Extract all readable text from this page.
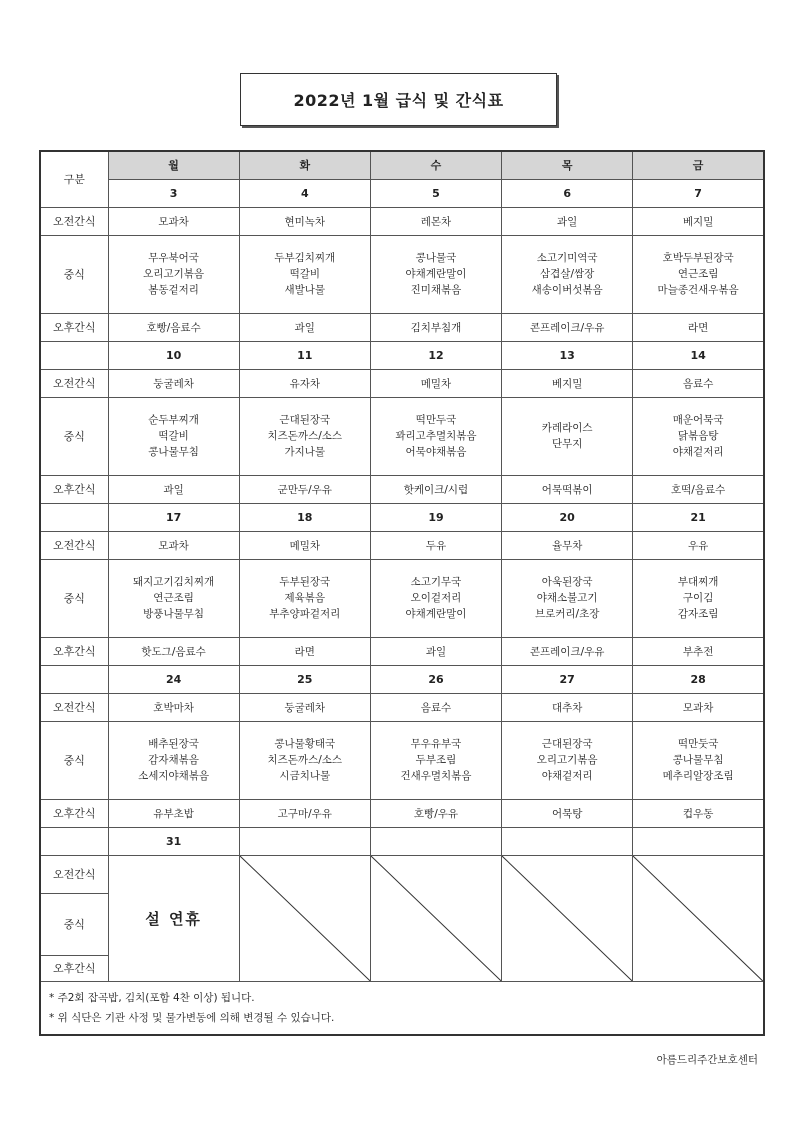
2022년 1월 급식 및 간식표
구분	월	화	수	목	금
	3	4	5	6	7
오전간식	모과차	현미녹차	레몬차	과일	베지밀
중식	무우북어국
오리고기볶음
봄동겉저리	두부김치찌개
떡갈비
새발나물	콩나물국
야채계란말이
진미채볶음	소고기미역국
삼겹살/쌈장
새송이버섯볶음	호박두부된장국
연근조림
마늘종건새우볶음

오후간식	호빵/음료수	과일	김치부침개	콘프레이크/우유	라면
	10	11	12	13	14
오전간식	둥굴레차	유자차	메밀차	베지밀	음료수
중식	순두부찌개
떡갈비
콩나물무침	근대된장국
치즈돈까스/소스
가지나물	떡만두국
꽈리고추멸치볶음
어묵야채볶음	카레라이스
단무지	매운어묵국
닭볶음탕
야채겉저리

오후간식	과일	군만두/우유	핫케이크/시럽	어묵떡볶이	호떡/음료수
	17	18	19	20	21
오전간식	모과차	메밀차	두유	율무차	우유
중식	돼지고기김치찌개
연근조림
방풍나물무침	두부된장국
제육볶음
부추양파겉저리	소고기무국
오이겉저리
야채계란말이	아욱된장국
야채소불고기
브로커리/초장	부대찌개
구이김
감자조림

오후간식	핫도그/음료수	라면	과일	콘프레이크/우유	부추전
	24	25	26	27	28
오전간식	호박마차	둥굴레차	음료수	대추차	모과차
중식	배추된장국
감자채볶음
소세지야채볶음	콩나물황태국
치즈돈까스/소스
시금치나물	무우유부국
두부조림
건새우멸치볶음	근대된장국
오리고기볶음
야채겉저리	떡만둣국
콩나물무침
메추리알장조림

오후간식	유부초밥	고구마/우유	호빵/우유	어묵탕	컵우동
	31				
오전간식	설 연휴	

중식					
오후간식					

* 주2회 잡곡밥, 김치(포함 4찬 이상) 됩니다.
* 위 식단은 기관 사정 및 물가변동에 의해 변경될 수 있습니다.					
아름드리주간보호센터
